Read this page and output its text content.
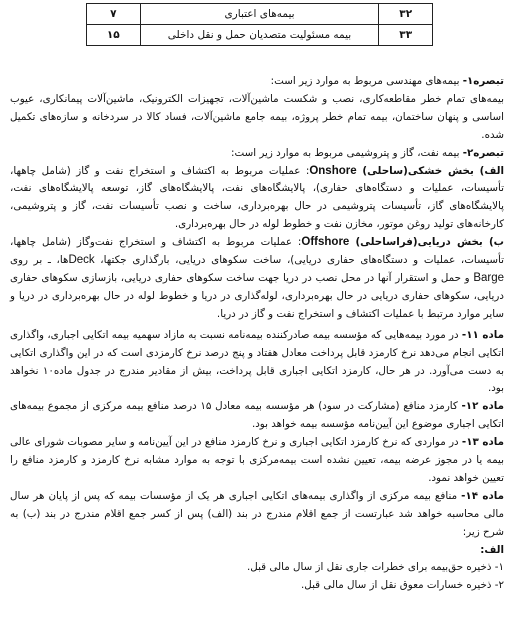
۳۲	بیمه‌های اعتباری	۷
۳۳	بیمه مسئولیت متصدیان حمل و نقل داخلی	۱۵

تبصره۱- بیمه‌های مهندسی مربوط به موارد زیر است:

بیمه‌های تمام خطر مقاطعه‌کاری، نصب و شکست ماشین‌آلات، تجهیزات الکترونیک، ماشین‌آلات پیمانکاری، عیوب اساسی و پنهان ساختمان، بیمه تمام خطر پروژه، بیمه جامع ماشین‌آلات، فساد کالا در سردخانه و سازه‌های تکمیل شده.

تبصره۲- بیمه نفت، گاز و پتروشیمی مربوط به موارد زیر است:

الف) بخش خشکی(ساحلی) Onshore: عملیات مربوط به اکتشاف و استخراج نفت و گاز (شامل چاهها، تأسیسات، عملیات و دستگاه‌های حفاری)، پالایشگاه‌های نفت، پالایشگاه‌های گاز، توسعه پالایشگاه‌های نفت، پالایشگاه‌های گاز، تأسیسات پتروشیمی در حال بهره‌برداری، ساخت و نصب تأسیسات نفت، گاز و پتروشیمی، کارخانه‌های تولید روغن موتور، مخازن نفت و خطوط لوله در حال بهره‌برداری.

ب) بخش دریایی(فراساحلی) Offshore: عملیات مربوط به اکتشاف و استخراج نفت‌وگاز (شامل چاهها، تأسیسات، عملیات و دستگاه‌های حفاری دریایی)، ساخت سکوهای دریایی، بارگذاری جکتها، Deckها، ـ بر روی Barge و حمل و استقرار آنها در محل نصب در دریا جهت ساخت سکوهای حفاری دریایی، بازسازی سکوهای حفاری دریایی، سکوهای حفاری دریایی در حال بهره‌برداری، لوله‌گذاری در دریا و خطوط لوله در حال بهره‌برداری در دریا و سایر موارد مرتبط با عملیات اکتشاف و استخراج نفت و گاز در دریا.

ماده ۱۱- در مورد بیمه‌هایی که مؤسسه بیمه صادرکننده بیمه‌نامه نسبت به مازاد سهمیه بیمه اتکایی اجباری، واگذاری اتکایی انجام می‌دهد نرخ کارمزد قابل پرداخت معادل هفتاد و پنج درصد نرخ کارمزدی است که در این واگذاری اتکایی به دست می‌آورد. در هر حال، کارمزد اتکایی اجباری قابل پرداخت، بیش از مقادیر مندرج در جدول ماده۱۰ نخواهد بود.

ماده ۱۲- کارمزد منافع (مشارکت در سود) هر مؤسسه بیمه معادل ۱۵ درصد منافع بیمه مرکزی از مجموع بیمه‌های اتکایی اجباری موضوع این آیین‌نامه مؤسسه بیمه خواهد بود.

ماده ۱۳- در مواردی که نرخ کارمزد اتکایی اجباری و نرخ کارمزد منافع در این آیین‌نامه و سایر مصوبات شورای عالی بیمه یا در مجوز عرضه بیمه، تعیین نشده است بیمه‌مرکزی با توجه به موارد مشابه نرخ کارمزد و کارمزد منافع را تعیین خواهد نمود.

ماده ۱۴- منافع بیمه مرکزی از واگذاری بیمه‌های اتکایی اجباری هر یک از مؤسسات بیمه که پس از پایان هر سال مالی محاسبه خواهد شد عبارتست از جمع اقلام مندرج در بند (الف) پس از کسر جمع اقلام مندرج در بند (ب) به شرح زیر:

الف:

۱- ذخیره حق‌بیمه برای خطرات جاری نقل از سال مالی قبل.

۲- ذخیره خسارات معوق نقل از سال مالی قبل.
